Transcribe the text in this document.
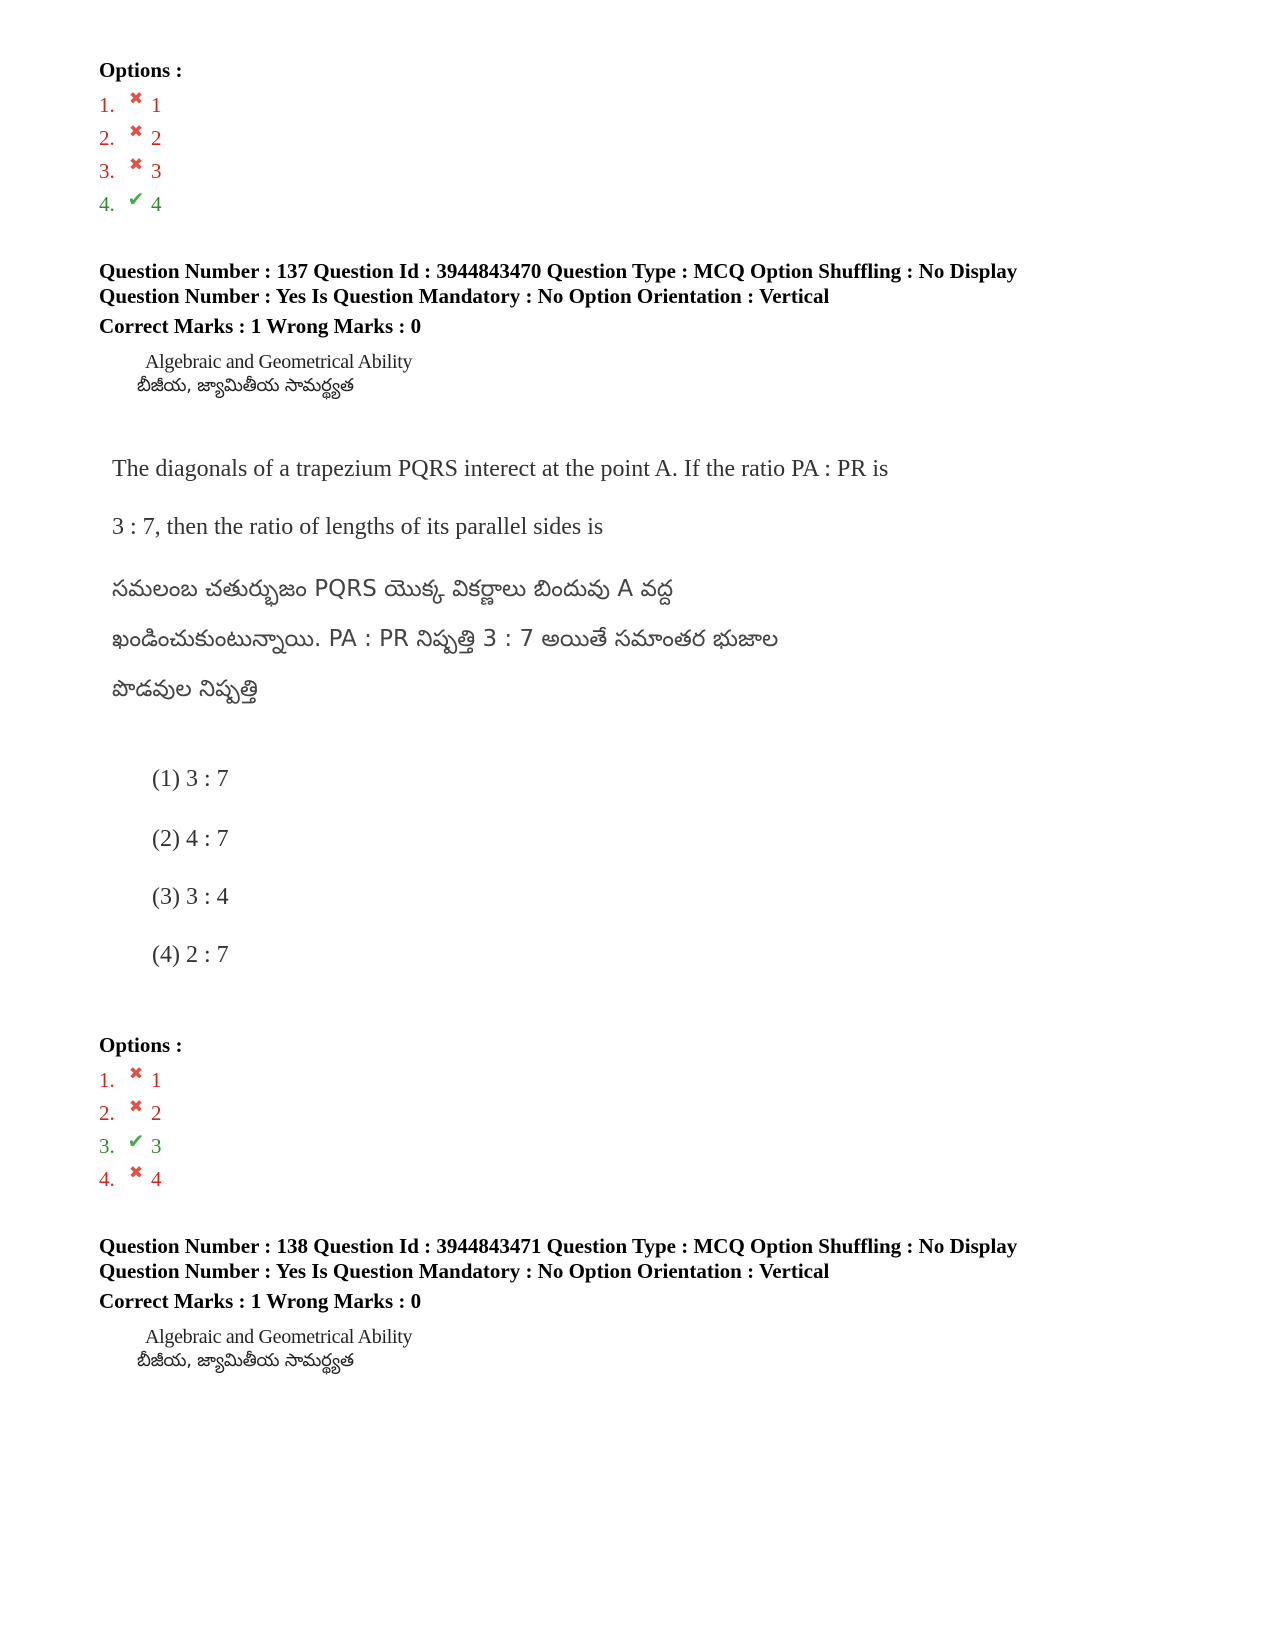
Options :
1. ✖ 1
2. ✖ 2
3. ✖ 3
4. ✔ 4
Question Number : 137 Question Id : 3944843470 Question Type : MCQ Option Shuffling : No Display
Question Number : Yes Is Question Mandatory : No Option Orientation : Vertical
Correct Marks : 1 Wrong Marks : 0
Algebraic and Geometrical Ability
బీజీయ, జ్యామితీయ సామర్థ్యత
The diagonals of a trapezium PQRS interect at the point A. If the ratio PA : PR is
3 : 7, then the ratio of lengths of its parallel sides is
సమలంబ చతుర్భుజం PQRS యొక్క వికర్ణాలు బిందువు A వద్ద
ఖండించుకుంటున్నాయి. PA : PR నిష్పత్తి 3 : 7 అయితే సమాంతర భుజాల
పొడవుల నిష్పత్తి
(1) 3 : 7
(2) 4 : 7
(3) 3 : 4
(4) 2 : 7
Options :
1. ✖ 1
2. ✖ 2
3. ✔ 3
4. ✖ 4
Question Number : 138 Question Id : 3944843471 Question Type : MCQ Option Shuffling : No Display
Question Number : Yes Is Question Mandatory : No Option Orientation : Vertical
Correct Marks : 1 Wrong Marks : 0
Algebraic and Geometrical Ability
బీజీయ, జ్యామితీయ సామర్థ్యత
